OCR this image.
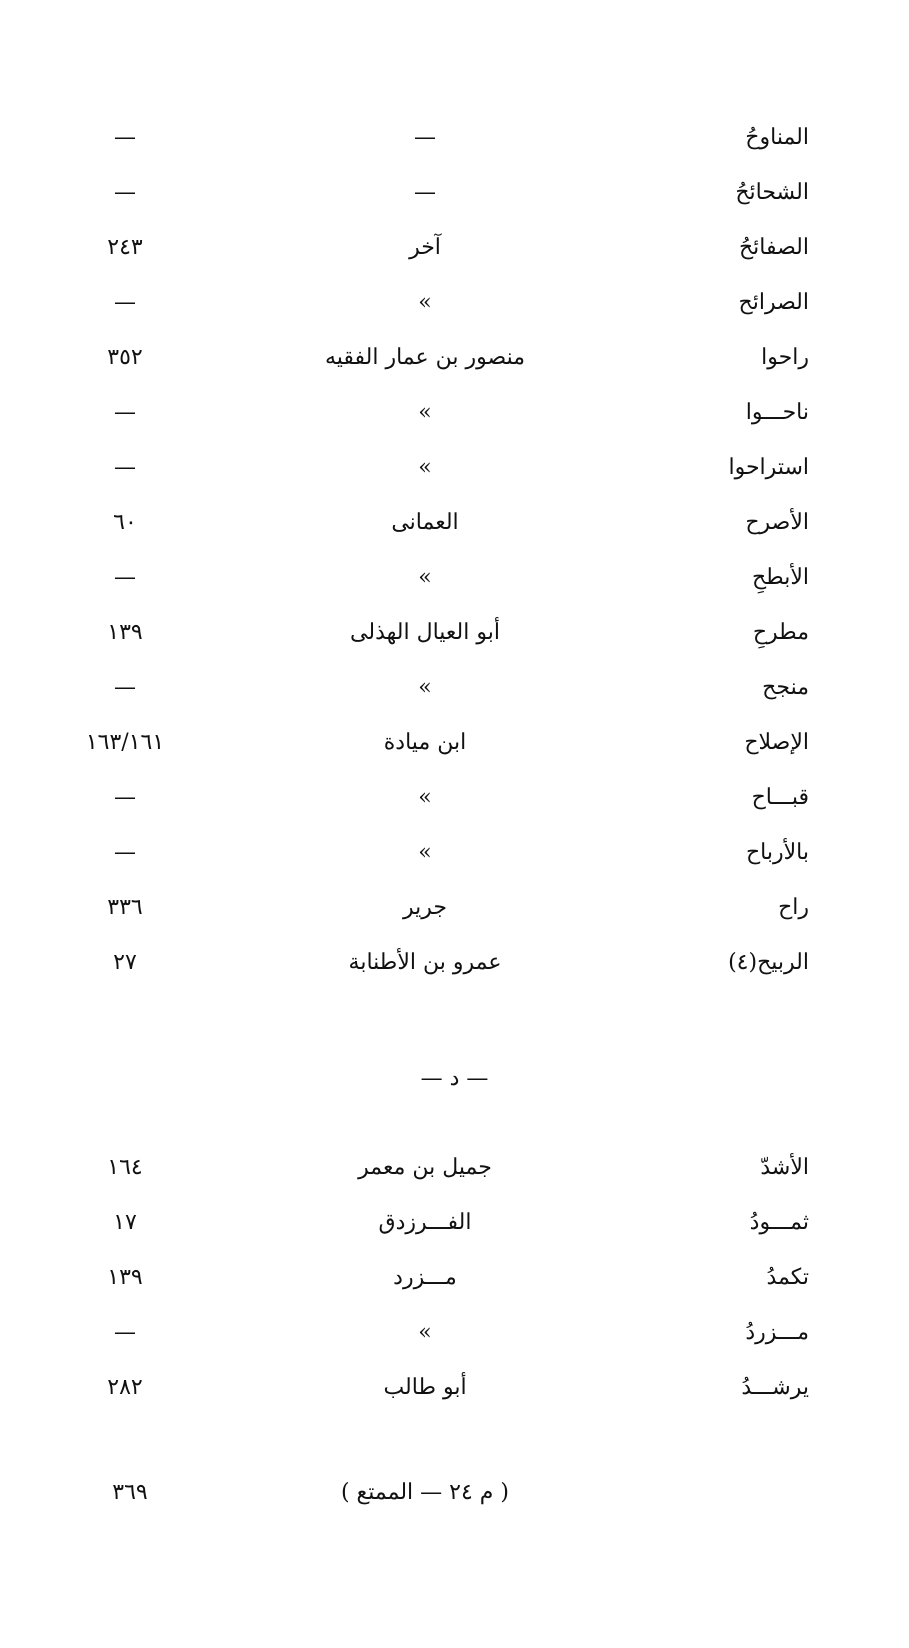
المناوحُ
—
—
الشحائحُ
—
—
الصفائحُ
آخر
٢٤٣
الصرائح
»
—
راحوا
منصور بن عمار الفقيه
٣٥٢
ناحـــوا
»
—
استراحوا
»
—
الأصرح
العمانى
٦٠
الأبطحِ
»
—
مطرحِ
أبو العيال الهذلى
١٣٩
منجح
»
—
الإصلاح
ابن ميادة
١٦٣/١٦١
قبـــاح
»
—
بالأرباح
»
—
راح
جرير
٣٣٦
الربيح(٤)
عمرو بن الأطنابة
٢٧
— د —
الأشدّ
جميل بن معمر
١٦٤
ثمـــودُ
الفـــرزدق
١٧
تكمدُ
مـــزرد
١٣٩
مـــزردُ
»
—
يرشـــدُ
أبو طالب
٢٨٢
( م ٢٤ — الممتع )
٣٦٩
